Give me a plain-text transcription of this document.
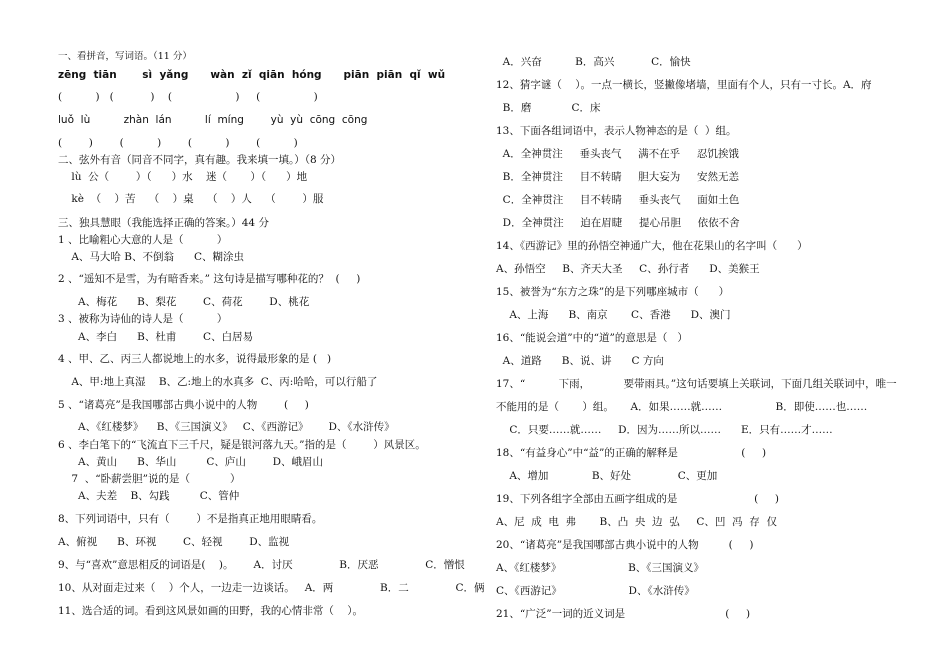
一、看拼音，写词语。（11 分）
zēng  tiān       sì  yǎng      wàn  zǐ  qiān  hóng      piān  piān  qǐ  wǔ
(          )   (           )    (                   )     (                )
luǒ  lù          zhàn  lán          lí  míng        yù  yù  cōng  cōng
(        )        (          )        (          )        (          )
二、弦外有音（同音不同字，真有趣。我来填一填。）（8 分）
lù  公（        ）（      ）水    迷（       ）（      ）地
kè  （    ）苦    （    ）桌    （    ）人    （        ）服
三、独具慧眼（我能选择正确的答案。）44 分
1 、比喻粗心大意的人是（          ）
A、马大哈 B、不倒翁      C、糊涂虫
2 、“遥知不是雪，为有暗香来。” 这句诗是描写哪种花的？  (     )
A、梅花      B、梨花        C、荷花        D、桃花
3 、被称为诗仙的诗人是（          ）
A、李白      B、杜甫        C、白居易
4 、甲、乙、丙三人都说地上的水多，说得最形象的是 (   )
A、甲:地上真湿    B、乙:地上的水真多  C、丙:哈哈，可以行船了
5 、“诸葛亮”是我国哪部古典小说中的人物        (     )
A、《红楼梦》    B、《三国演义》   C、《西游记》      D、《水浒传》
6 、李白笔下的“飞流直下三千尺，疑是银河落九天。”指的是（        ）风景区。
A、黄山      B、华山         C、庐山        D、峨眉山
7  、“卧薪尝胆”说的是（            ）
A、夫差    B、勾践         C、管仲
8、下列词语中，只有（        ）不是指真正地用眼睛看。
A、俯视      B、环视        C、轻视        D、监视
9、与“喜欢”意思相反的词语是(    )。      A．讨厌              B．厌恶              C．憎恨
10、从对面走过来（    ）个人，一边走一边谈话。   A．两              B．二              C．俩
11、选合适的词。看到这风景如画的田野，我的心情非常（    ）。
A．兴奋          B．高兴           C．愉快
12、猜字谜（    ）。一点一横长，竖撇像堵墙，里面有个人，只有一寸长。A．府
B．磨            C．床
13、下面各组词语中，表示人物神态的是（  ）组。
A．全神贯注     垂头丧气     满不在乎     忍饥挨饿
B．全神贯注     目不转睛     胆大妄为     安然无恙
C．全神贯注     目不转睛     垂头丧气     面如土色
D．全神贯注     迫在眉睫     提心吊胆     依依不舍
14、《西游记》里的孙悟空神通广大，他在花果山的名字叫（      ）
A、孙悟空     B、齐天大圣     C、孙行者      D、美猴王
15、被誉为“东方之珠”的是下列哪座城市（      ）
A、上海      B、南京       C、香港      D、澳门
16、“能说会道”中的“道”的意思是（   ）
A、道路      B、说、讲      C 方向
17、“          下雨，          要带雨具。”这句话要填上关联词，下面几组关联词中，唯一
不能用的是（       ）组。     A．如果……就……                B．即使……也……
C．只要……就……     D．因为……所以……      E．只有……才……
18、“有益身心”中“益”的正确的解释是                   (     )
A、增加             B、好处              C、更加
19、下列各组字全部由五画字组成的是                       (     )
A、尼  成  电  弗       B、凸  央  边  弘     C、凹  冯  存  仅
20、“诸葛亮”是我国哪部古典小说中的人物         (     )
A、《红楼梦》                    B、《三国演义》
C、《西游记》                    D、《水浒传》
21、“广泛”一词的近义词是                              (     )
